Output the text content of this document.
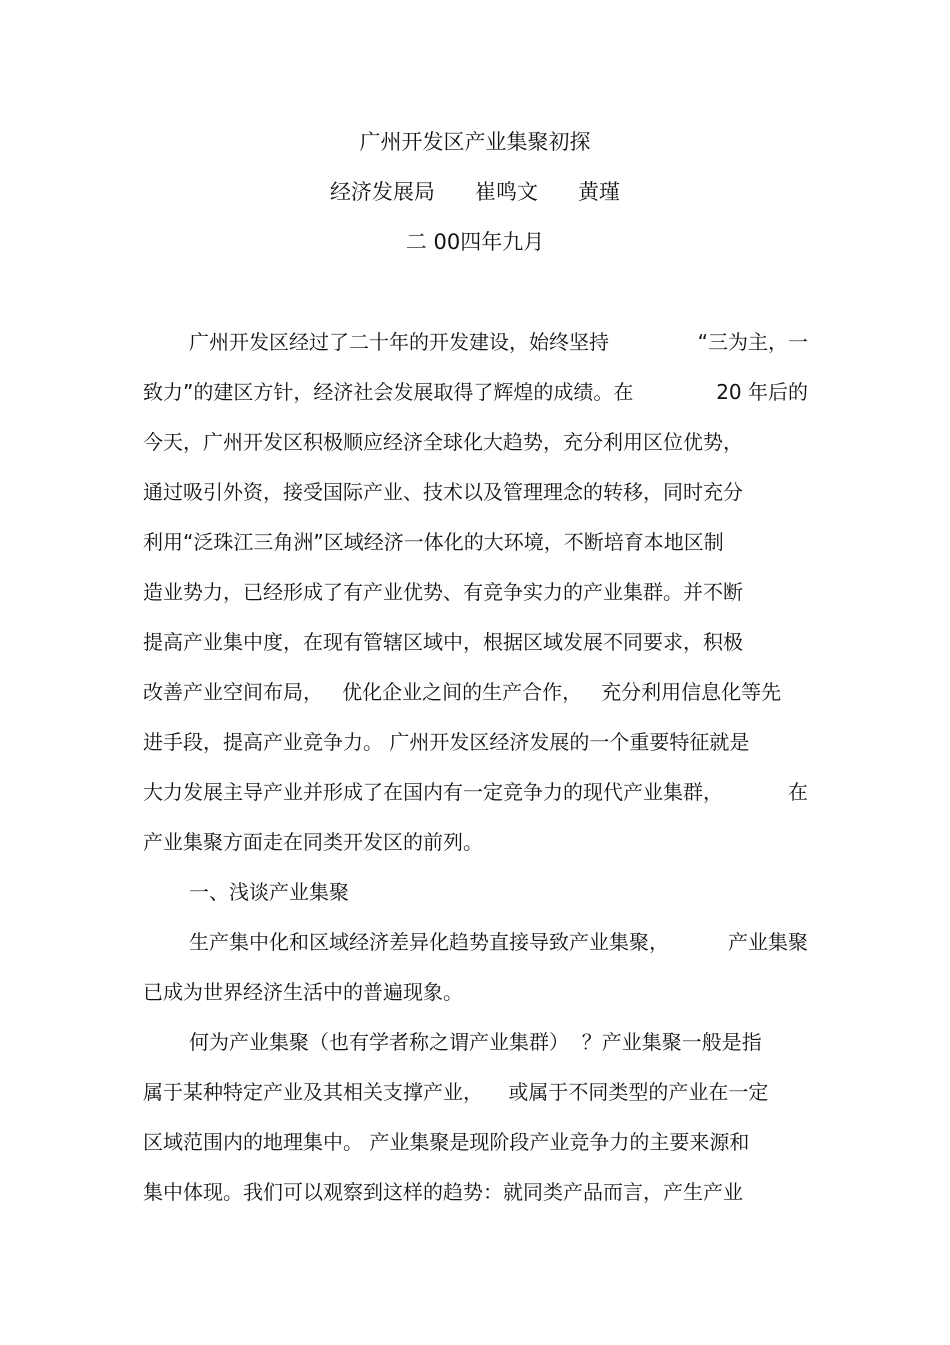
广州开发区产业集聚初探
经济发展局      崔鸣文      黄瑾
二 00四年九月
广州开发区经过了二十年的开发建设，始终坚持	“三为主，一
致力”的建区方针，经济社会发展取得了辉煌的成绩。在	20 年后的
今天，广州开发区积极顺应经济全球化大趋势，充分利用区位优势，
通过吸引外资，接受国际产业、技术以及管理理念的转移，同时充分
利用“泛珠江三角洲”区域经济一体化的大环境，不断培育本地区制
造业势力，已经形成了有产业优势、有竞争实力的产业集群。并不断
提高产业集中度，在现有管辖区域中，根据区域发展不同要求，积极
改善产业空间布局，   优化企业之间的生产合作，   充分利用信息化等先
进手段，提高产业竞争力。 广州开发区经济发展的一个重要特征就是
大力发展主导产业并形成了在国内有一定竞争力的现代产业集群，	在
产业集聚方面走在同类开发区的前列。
一、浅谈产业集聚
生产集中化和区域经济差异化趋势直接导致产业集聚，	产业集聚
已成为世界经济生活中的普遍现象。
何为产业集聚（也有学者称之谓产业集群）  ？产业集聚一般是指
属于某种特定产业及其相关支撑产业，    或属于不同类型的产业在一定
区域范围内的地理集中。 产业集聚是现阶段产业竞争力的主要来源和
集中体现。我们可以观察到这样的趋势：就同类产品而言，产生产业
